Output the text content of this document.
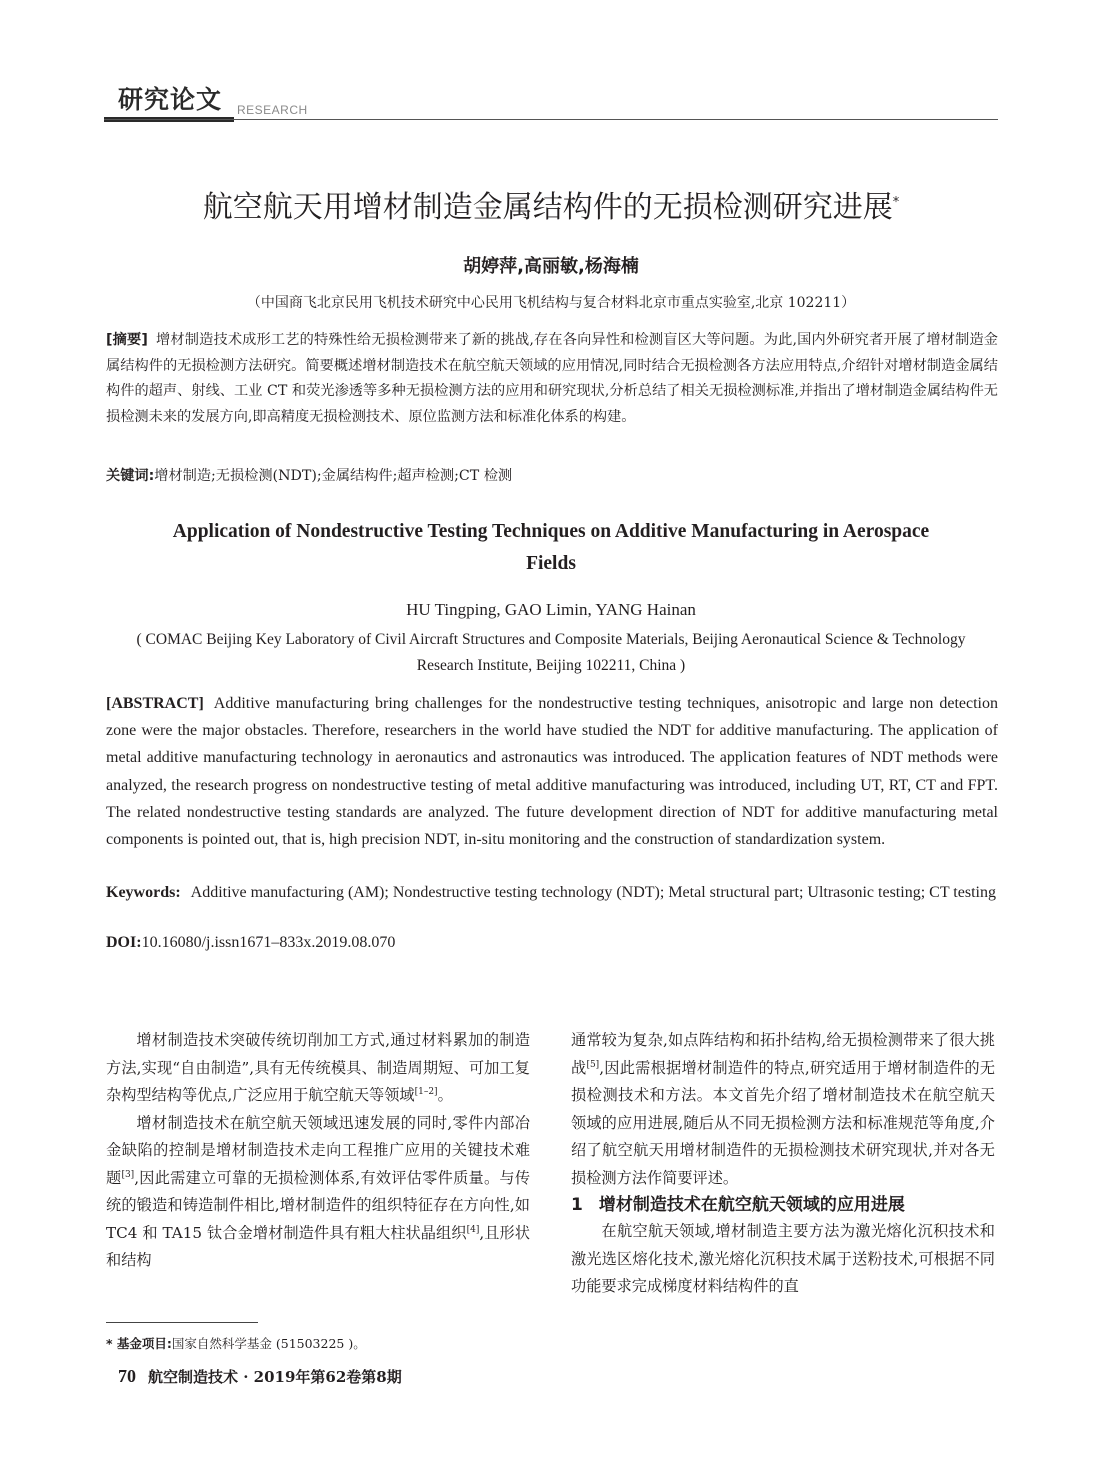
研究论文 RESEARCH
航空航天用增材制造金属结构件的无损检测研究进展*
胡婷萍,高丽敏,杨海楠
（中国商飞北京民用飞机技术研究中心民用飞机结构与复合材料北京市重点实验室,北京 102211）
[摘要] 增材制造技术成形工艺的特殊性给无损检测带来了新的挑战,存在各向异性和检测盲区大等问题。为此,国内外研究者开展了增材制造金属结构件的无损检测方法研究。简要概述增材制造技术在航空航天领域的应用情况,同时结合无损检测各方法应用特点,介绍针对增材制造金属结构件的超声、射线、工业 CT 和荧光渗透等多种无损检测方法的应用和研究现状,分析总结了相关无损检测标准,并指出了增材制造金属结构件无损检测未来的发展方向,即高精度无损检测技术、原位监测方法和标准化体系的构建。
关键词:增材制造;无损检测(NDT);金属结构件;超声检测;CT 检测
Application of Nondestructive Testing Techniques on Additive Manufacturing in Aerospace Fields
HU Tingping, GAO Limin, YANG Hainan
( COMAC Beijing Key Laboratory of Civil Aircraft Structures and Composite Materials, Beijing Aeronautical Science & Technology Research Institute, Beijing 102211, China )
[ABSTRACT] Additive manufacturing bring challenges for the nondestructive testing techniques, anisotropic and large non detection zone were the major obstacles. Therefore, researchers in the world have studied the NDT for additive manufacturing. The application of metal additive manufacturing technology in aeronautics and astronautics was introduced. The application features of NDT methods were analyzed, the research progress on nondestructive testing of metal additive manufacturing was introduced, including UT, RT, CT and FPT. The related nondestructive testing standards are analyzed. The future development direction of NDT for additive manufacturing metal components is pointed out, that is, high precision NDT, in-situ monitoring and the construction of standardization system.
Keywords: Additive manufacturing (AM); Nondestructive testing technology (NDT); Metal structural part; Ultrasonic testing; CT testing
DOI:10.16080/j.issn1671–833x.2019.08.070

增材制造技术突破传统切削加工方式,通过材料累加的制造方法,实现“自由制造”,具有无传统模具、制造周期短、可加工复杂构型结构等优点,广泛应用于航空航天等领域[1–2]。

增材制造技术在航空航天领域迅速发展的同时,零件内部冶金缺陷的控制是增材制造技术走向工程推广应用的关键技术难题[3],因此需建立可靠的无损检测体系,有效评估零件质量。与传统的锻造和铸造制件相比,增材制造件的组织特征存在方向性,如 TC4 和 TA15 钛合金增材制造件具有粗大柱状晶组织[4],且形状和结构

通常较为复杂,如点阵结构和拓扑结构,给无损检测带来了很大挑战[5],因此需根据增材制造件的特点,研究适用于增材制造件的无损检测技术和方法。本文首先介绍了增材制造技术在航空航天领域的应用进展,随后从不同无损检测方法和标准规范等角度,介绍了航空航天用增材制造件的无损检测技术研究现状,并对各无损检测方法作简要评述。

1 增材制造技术在航空航天领域的应用进展

在航空航天领域,增材制造主要方法为激光熔化沉积技术和激光选区熔化技术,激光熔化沉积技术属于送粉技术,可根据不同功能要求完成梯度材料结构件的直

* 基金项目:国家自然科学基金 (51503225 )。
70 航空制造技术 · 2019年第62卷第8期
